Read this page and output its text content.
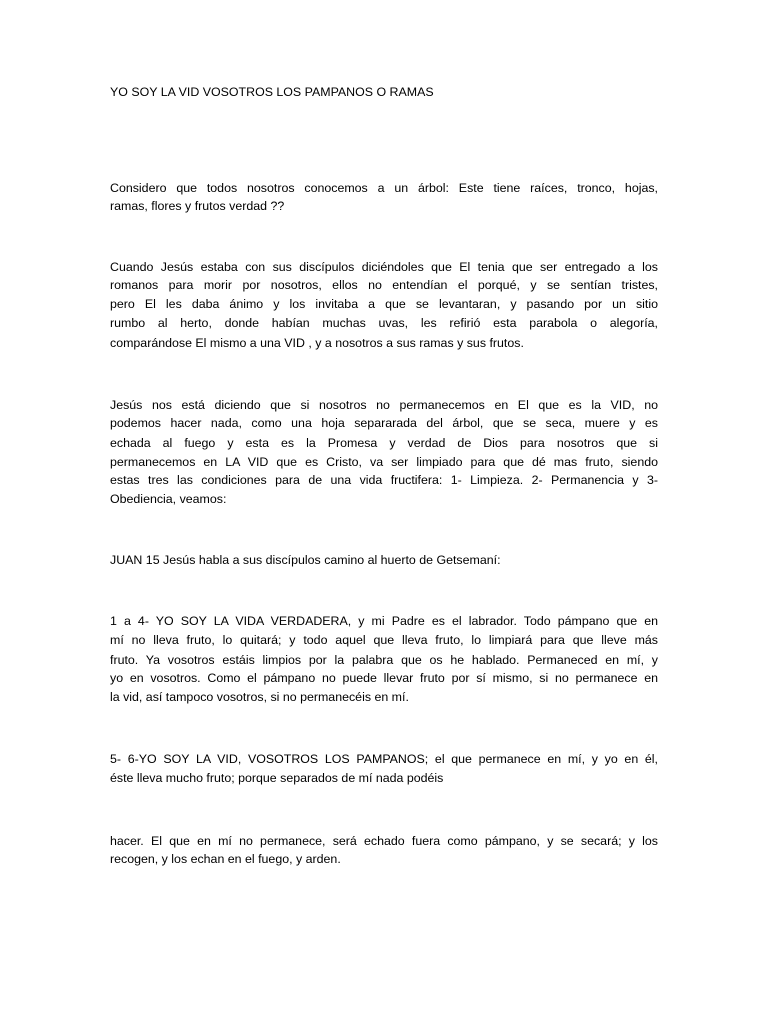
YO SOY LA VID VOSOTROS LOS PAMPANOS O RAMAS

Considero que todos nosotros conocemos a un árbol: Este tiene raíces, tronco, hojas,

ramas, flores y frutos verdad ??

Cuando Jesús estaba con sus discípulos diciéndoles que El tenia que ser entregado a los

romanos para morir por nosotros, ellos no entendían el porqué, y se sentían tristes,

pero El les daba ánimo y los invitaba a que se levantaran, y pasando por un sitio

rumbo al herto, donde habían muchas uvas, les refirió esta parabola o alegoría,

comparándose El mismo a una VID , y a nosotros a sus ramas y sus frutos.

Jesús nos está diciendo que si nosotros no permanecemos en El que es la VID, no

podemos hacer nada, como una hoja separarada del árbol, que se seca, muere y es

echada al fuego y esta es la Promesa y verdad de Dios para nosotros que si

permanecemos en LA VID que es Cristo, va ser limpiado para que dé mas fruto, siendo

estas tres las condiciones para de una vida fructifera: 1- Limpieza. 2- Permanencia y 3-

Obediencia, veamos:

JUAN 15 Jesús habla a sus discípulos camino al huerto de Getsemaní:

1 a 4- YO SOY LA VIDA VERDADERA, y mi Padre es el labrador. Todo pámpano que en

mí no lleva fruto, lo quitará; y todo aquel que lleva fruto, lo limpiará para que lleve más

fruto. Ya vosotros estáis limpios por la palabra que os he hablado. Permaneced en mí, y

yo en vosotros. Como el pámpano no puede llevar fruto por sí mismo, si no permanece en

la vid, así tampoco vosotros, si no permanecéis en mí.

5- 6-YO SOY LA VID, VOSOTROS LOS PAMPANOS; el que permanece en mí, y yo en él,

éste lleva mucho fruto; porque separados de mí nada podéis

hacer. El que en mí no permanece, será echado fuera como pámpano, y se secará; y los

recogen, y los echan en el fuego, y arden.
